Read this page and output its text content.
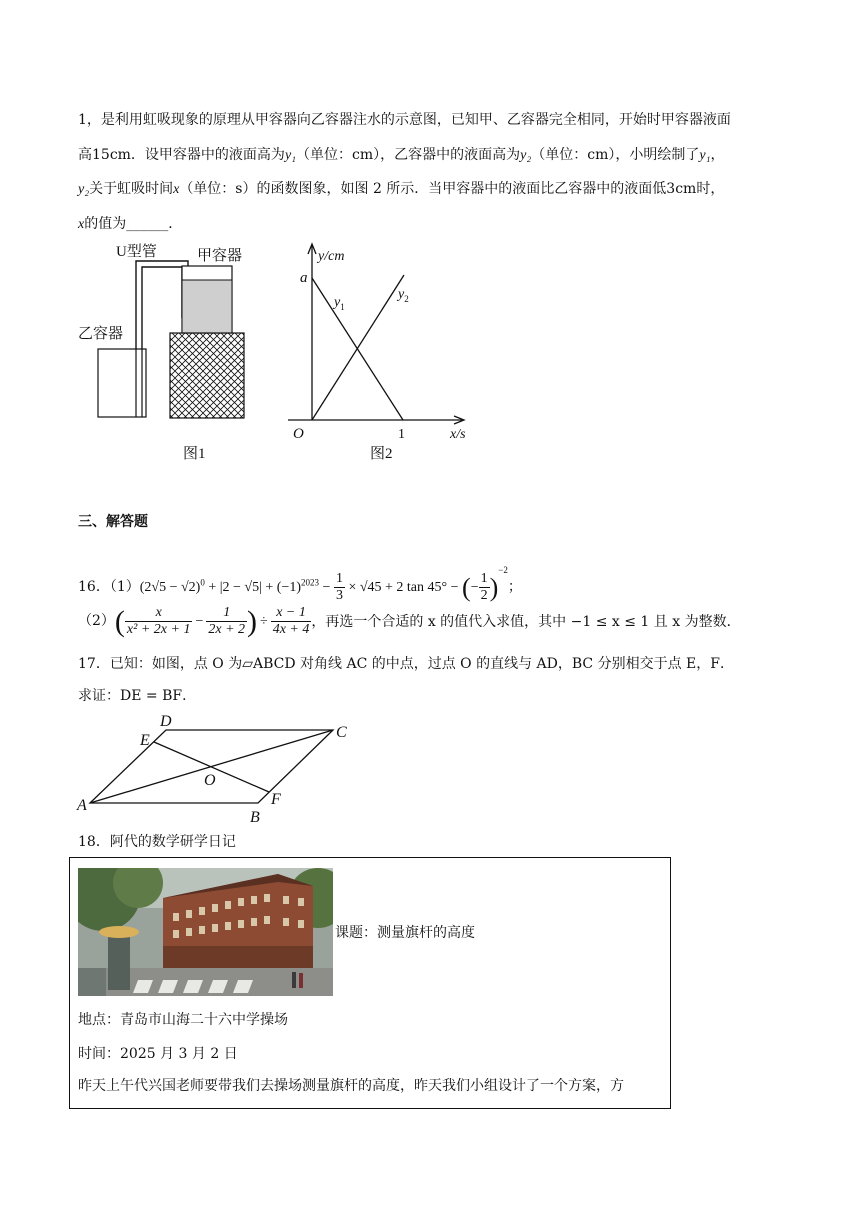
1，是利用虹吸现象的原理从甲容器向乙容器注水的示意图，已知甲、乙容器完全相同，开始时甲容器液面
高15cm．设甲容器中的液面高为y₁（单位：cm），乙容器中的液面高为y₂（单位：cm），小明绘制了y₁，
y₂关于虹吸时间x（单位：s）的函数图象，如图 2 所示．当甲容器中的液面比乙容器中的液面低3cm时，
x的值为______．
U型管	甲容器
乙容器
图1
y/cm
a
$y_1$
$y_2$
O	1	x/s
图2
三、解答题
16．$(1)(2√5 - √2)^0 + |2 - √5| + (-1)^{2023} - \frac{1}{3} \times √45 + 2$ tan 45° − (− $\frac{1}{2} )^{-2}$；
$(2)( \frac{x}{\text{x² + 2x + 1}} - \frac{1}{2x + 2}$ ) ÷ $\frac{x - 1}{4x + 4}$ ，再选一个合适的 x 的值代入求值，其中 −1 ≤ x ≤ 1 且 x 为整数．
17．已知：如图，点 O 为▱ABCD 对角线 AC 的中点，过点 O 的直线与 AD，BC 分别相交于点 E，F．
求证：DE = BF．
A
B
C
D
E
F
O
18．阿代的数学研学日记
课题：测量旗杆的高度
地点：青岛市山海二十六中学操场
时间：2025 月 3 月 2 日
昨天上午代兴国老师要带我们去操场测量旗杆的高度，昨天我们小组设计了一个方案，方
